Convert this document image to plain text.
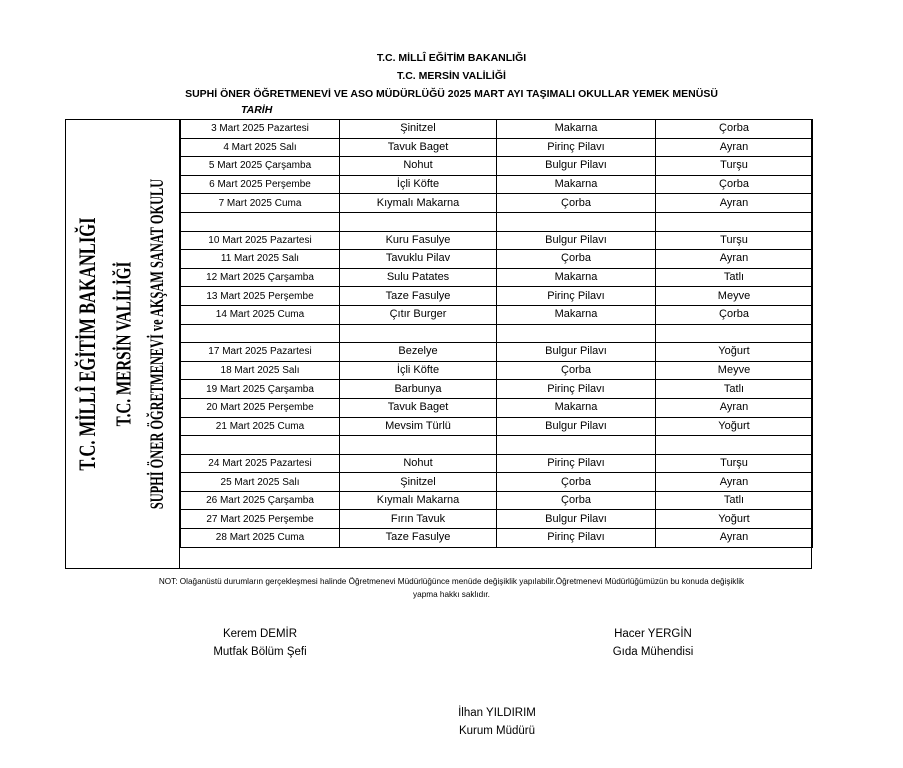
T.C. MİLLÎ EĞİTİM BAKANLIĞI
T.C. MERSİN VALİLİĞİ
SUPHİ ÖNER ÖĞRETMENEVİ VE ASO MÜDÜRLÜĞÜ 2025 MART AYI TAŞIMALI OKULLAR YEMEK MENÜSÜ
TARİH
T.C. MİLLÎ EĞİTİM BAKANLIĞI T.C. MERSİN VALİLİĞİ SUPHİ ÖNER ÖĞRETMENEVİ ve AKŞAM SANAT OKULU
3 Mart 2025 Pazartesi	Şinitzel	Makarna	Çorba
4 Mart 2025 Salı	Tavuk Baget	Pirinç Pilavı	Ayran
5 Mart 2025 Çarşamba	Nohut	Bulgur Pilavı	Turşu
6 Mart 2025 Perşembe	İçli Köfte	Makarna	Çorba
7 Mart 2025 Cuma	Kıymalı Makarna	Çorba	Ayran

10 Mart 2025 Pazartesi	Kuru Fasulye	Bulgur Pilavı	Turşu
11 Mart 2025 Salı	Tavuklu Pilav	Çorba	Ayran
12 Mart 2025 Çarşamba	Sulu Patates	Makarna	Tatlı
13 Mart 2025 Perşembe	Taze Fasulye	Pirinç Pilavı	Meyve
14 Mart 2025 Cuma	Çıtır Burger	Makarna	Çorba

17 Mart 2025 Pazartesi	Bezelye	Bulgur Pilavı	Yoğurt
18 Mart 2025 Salı	İçli Köfte	Çorba	Meyve
19 Mart 2025 Çarşamba	Barbunya	Pirinç Pilavı	Tatlı
20 Mart 2025 Perşembe	Tavuk Baget	Makarna	Ayran
21 Mart 2025 Cuma	Mevsim Türlü	Bulgur Pilavı	Yoğurt

24 Mart 2025 Pazartesi	Nohut	Pirinç Pilavı	Turşu
25 Mart 2025 Salı	Şinitzel	Çorba	Ayran
26 Mart 2025 Çarşamba	Kıymalı Makarna	Çorba	Tatlı
27 Mart 2025 Perşembe	Fırın Tavuk	Bulgur Pilavı	Yoğurt
28 Mart 2025 Cuma	Taze Fasulye	Pirinç Pilavı	Ayran
NOT: Olağanüstü durumların gerçekleşmesi halinde Öğretmenevi Müdürlüğünce menüde değişiklik yapılabilir.Öğretmenevi Müdürlüğümüzün bu konuda değişiklik
yapma hakkı saklıdır.
Kerem DEMİR
Mutfak Bölüm Şefi
Hacer YERGİN
Gıda Mühendisi
İlhan YILDIRIM
Kurum Müdürü
